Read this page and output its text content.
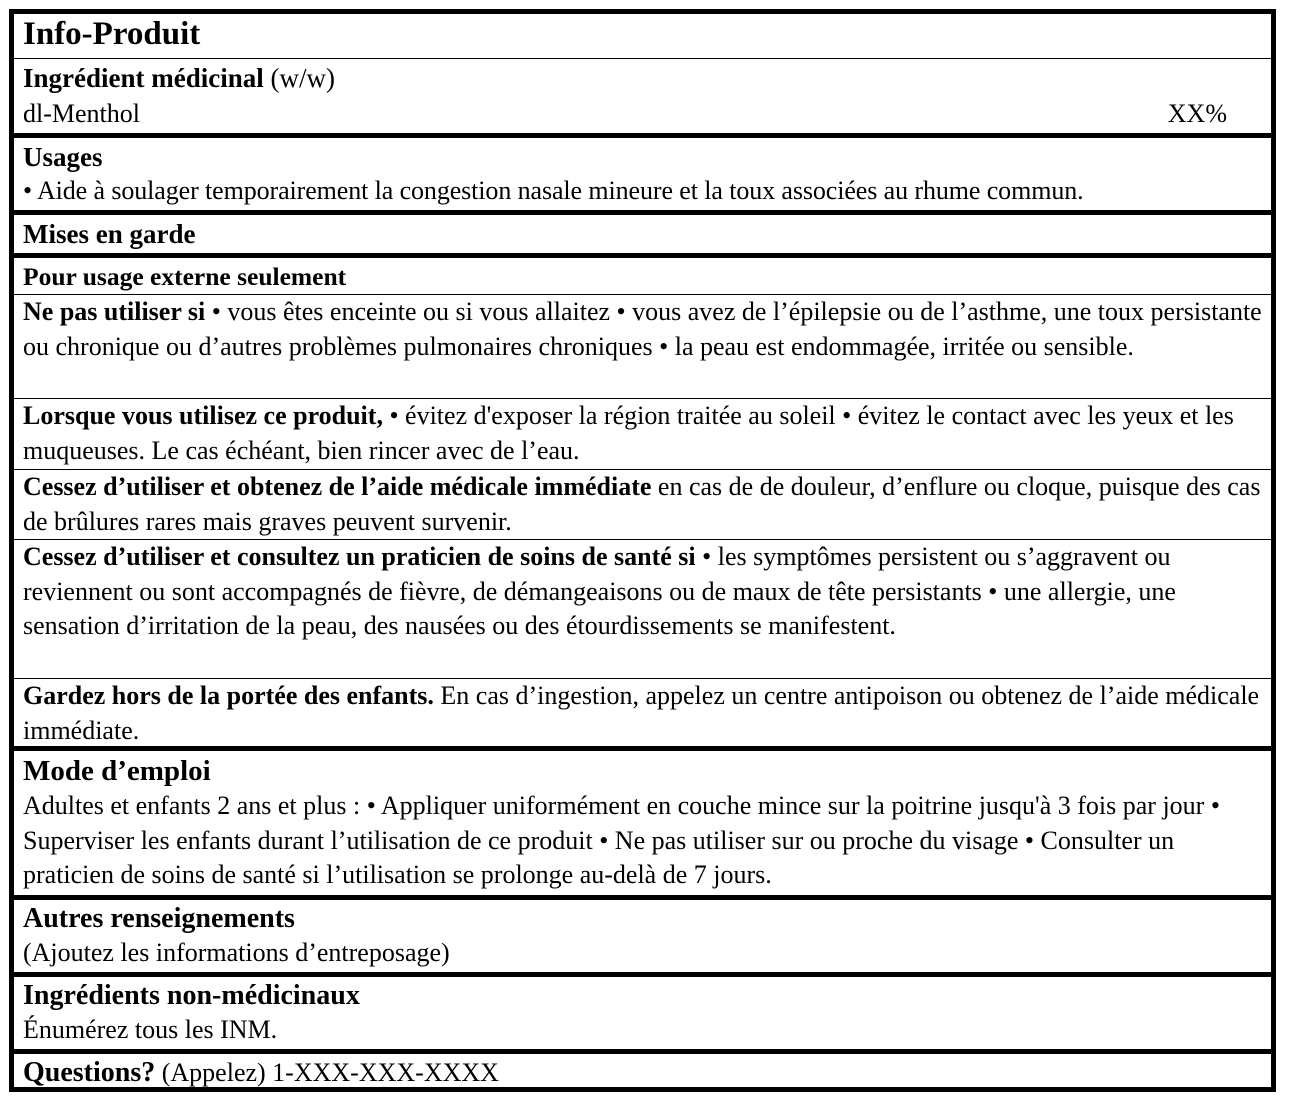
Info-Produit
Ingrédient médicinal (w/w)
dl-Menthol	XX%
Usages
• Aide à soulager temporairement la congestion nasale mineure et la toux associées au rhume commun.
Mises en garde
Pour usage externe seulement
Ne pas utiliser si • vous êtes enceinte ou si vous allaitez • vous avez de l’épilepsie ou de l’asthme, une toux persistante ou chronique ou d’autres problèmes pulmonaires chroniques • la peau est endommagée, irritée ou sensible.
Lorsque vous utilisez ce produit, • évitez d'exposer la région traitée au soleil • évitez le contact avec les yeux et les muqueuses. Le cas échéant, bien rincer avec de l’eau.
Cessez d’utiliser et obtenez de l’aide médicale immédiate en cas de de douleur, d’enflure ou cloque, puisque des cas de brûlures rares mais graves peuvent survenir.
Cessez d’utiliser et consultez un praticien de soins de santé si • les symptômes persistent ou s’aggravent ou reviennent ou sont accompagnés de fièvre, de démangeaisons ou de maux de tête persistants • une allergie, une sensation d’irritation de la peau, des nausées ou des étourdissements se manifestent.
Gardez hors de la portée des enfants. En cas d’ingestion, appelez un centre antipoison ou obtenez de l’aide médicale immédiate.
Mode d’emploi
Adultes et enfants 2 ans et plus : • Appliquer uniformément en couche mince sur la poitrine jusqu'à 3 fois par jour • Superviser les enfants durant l’utilisation de ce produit • Ne pas utiliser sur ou proche du visage • Consulter un praticien de soins de santé si l’utilisation se prolonge au-delà de 7 jours.
Autres renseignements
(Ajoutez les informations d’entreposage)
Ingrédients non-médicinaux
Énumérez tous les INM.
Questions? (Appelez) 1-XXX-XXX-XXXX
